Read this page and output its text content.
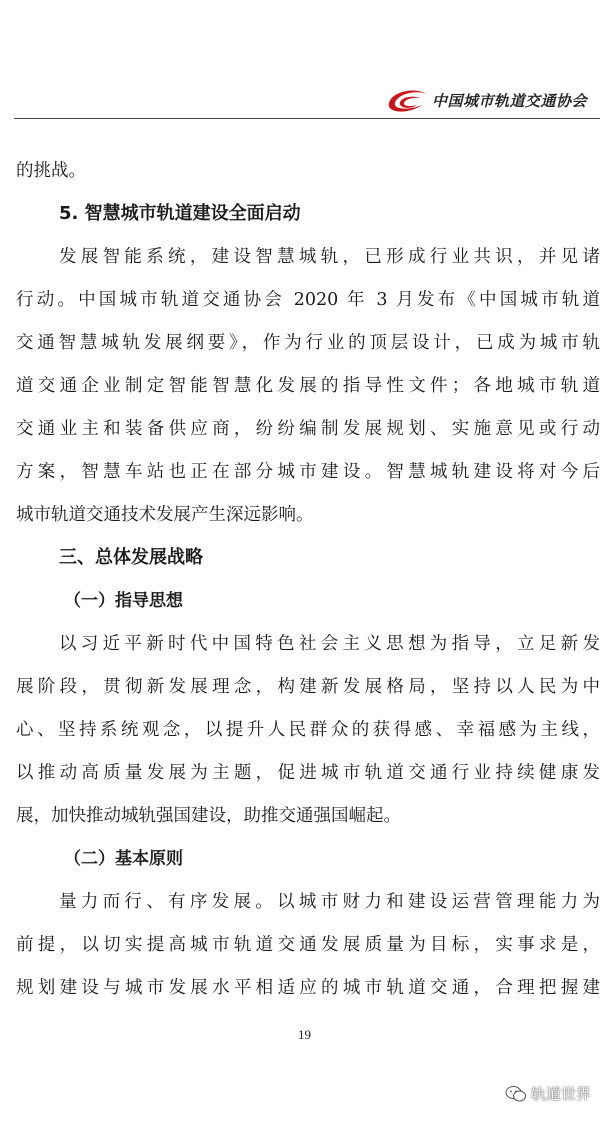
中国城市轨道交通协会
的挑战。
5. 智慧城市轨道建设全面启动
发展智能系统，建设智慧城轨，已形成行业共识，并见诸
行动。中国城市轨道交通协会 2020 年 3 月发布《中国城市轨道
交通智慧城轨发展纲要》，作为行业的顶层设计，已成为城市轨
道交通企业制定智能智慧化发展的指导性文件；各地城市轨道
交通业主和装备供应商，纷纷编制发展规划、实施意见或行动
方案，智慧车站也正在部分城市建设。智慧城轨建设将对今后
城市轨道交通技术发展产生深远影响。
三、总体发展战略
（一）指导思想
以习近平新时代中国特色社会主义思想为指导，立足新发
展阶段，贯彻新发展理念，构建新发展格局，坚持以人民为中
心、坚持系统观念，以提升人民群众的获得感、幸福感为主线，
以推动高质量发展为主题，促进城市轨道交通行业持续健康发
展，加快推动城轨强国建设，助推交通强国崛起。
（二）基本原则
量力而行、有序发展。以城市财力和建设运营管理能力为
前提，以切实提高城市轨道交通发展质量为目标，实事求是，
规划建设与城市发展水平相适应的城市轨道交通，合理把握建
19
轨道世界
